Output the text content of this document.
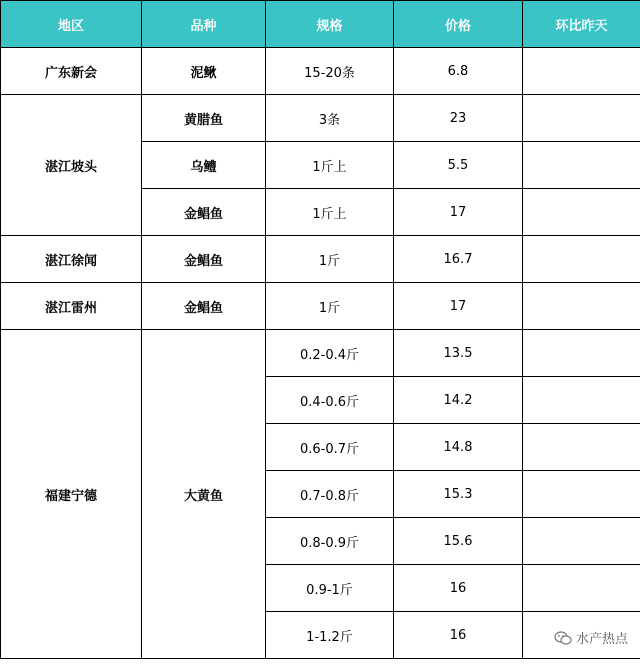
地区	品种	规格	价格	环比昨天
广东新会	泥鳅	15-20条	6.8	
湛江坡头	黄腊鱼	3条	23	
	乌鳢	1斤上	5.5	
	金鲳鱼	1斤上	17	
湛江徐闻	金鲳鱼	1斤	16.7	
湛江雷州	金鲳鱼	1斤	17	
福建宁德	大黄鱼	0.2-0.4斤	13.5	
		0.4-0.6斤	14.2	
		0.6-0.7斤	14.8	
		0.7-0.8斤	15.3	
		0.8-0.9斤	15.6	
		0.9-1斤	16	
		1-1.2斤	16		水产热点
